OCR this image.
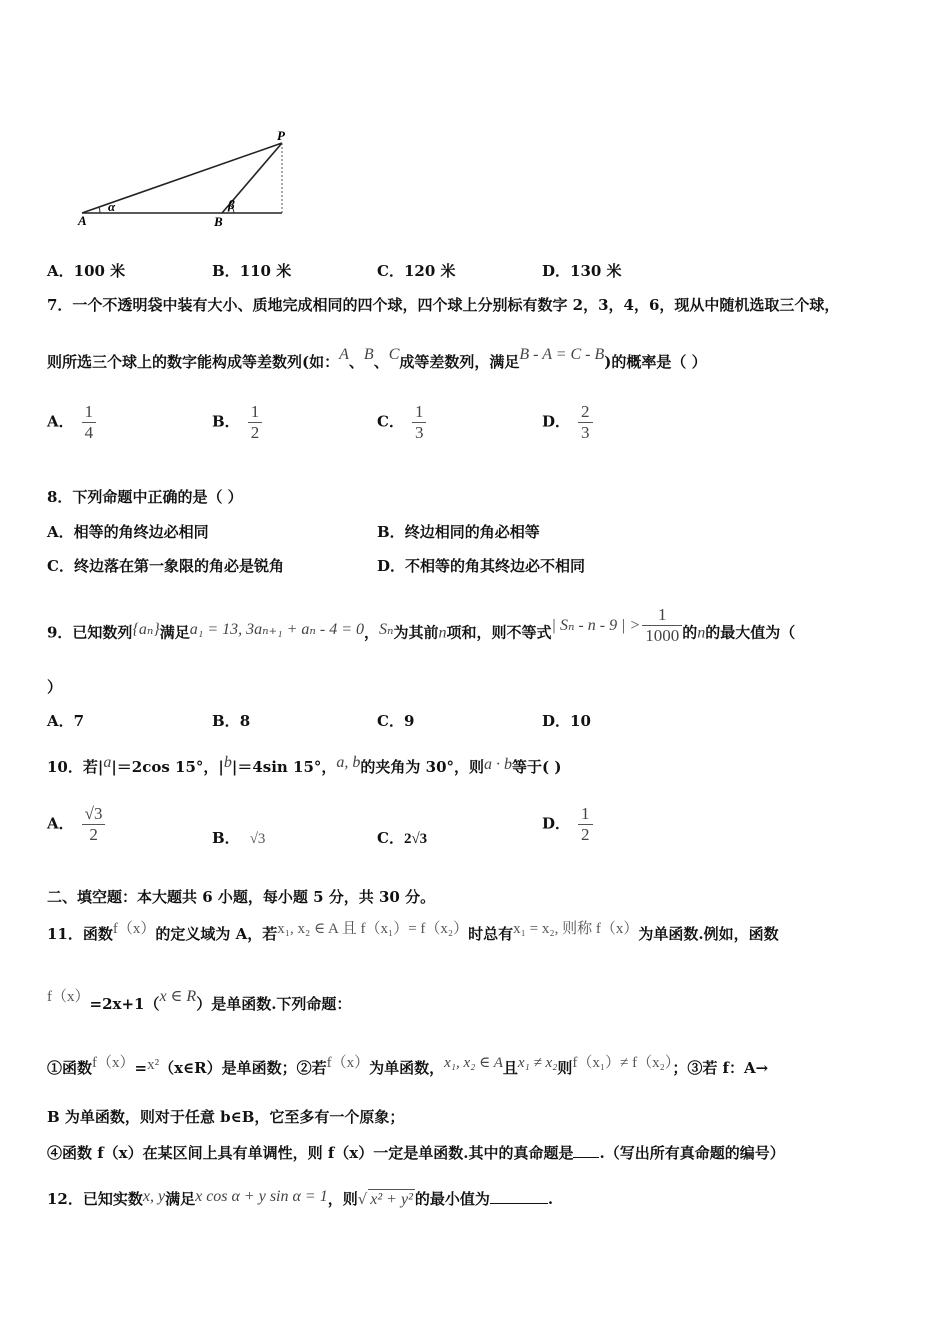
P
A	B
α	β
A．100 米	B．110 米	C．120 米	D．130 米
7．一个不透明袋中装有大小、质地完成相同的四个球，四个球上分别标有数字 2，3，4，6，现从中随机选取三个球，
则所选三个球上的数字能构成等差数列(如：A、B、C成等差数列，满足B - A = C - B)的概率是（ ）
A． $\frac{1}{4}$	B． $\frac{1}{2}$	C． $\frac{1}{3}$	D． $\frac{2}{3}$
8．下列命题中正确的是（ ）
A．相等的角终边必相同	B．终边相同的角必相等
C．终边落在第一象限的角必是锐角	D．不相等的角其终边必不相同
9．已知数列{aₙ}满足a₁ = 13, 3aₙ₊₁ + aₙ - 4 = 0，Sₙ为其前n项和，则不等式| Sₙ - n - 9 | > $\frac{1}{1000}$ 的n的最大值为（
）
A．7	B．8	C．9	D．10
10．若|a|＝2cos 15°，|b|＝4sin 15°，a, b的夹角为 30°，则a · b等于( )
A． $\frac{√3}{2}$	B． √3	C．2√3
D． $\frac{1}{2}$
二、填空题：本大题共 6 小题，每小题 5 分，共 30 分。
11．函数f（x）的定义域为 A，若x₁, x₂ ∈ A 且 f（x₁）= f（x₂）时总有x₁ = x₂, 则称 f（x）为单函数.例如，函数
f（x）=2x+1（x ∈ R）是单函数.下列命题：
①函数f（x）=x²（x∈R）是单函数；②若f（x）为单函数，x₁, x₂ ∈ A且x₁ ≠ x₂则f（x₁）≠ f（x₂）；③若 f：A→
B 为单函数，则对于任意 b∈B，它至多有一个原象；
④函数 f（x）在某区间上具有单调性，则 f（x）一定是单函数.其中的真命题是 .（写出所有真命题的编号）
12．已知实数x, y满足x cos α + y sin α = 1，则√ x² + y² 的最小值为	.
